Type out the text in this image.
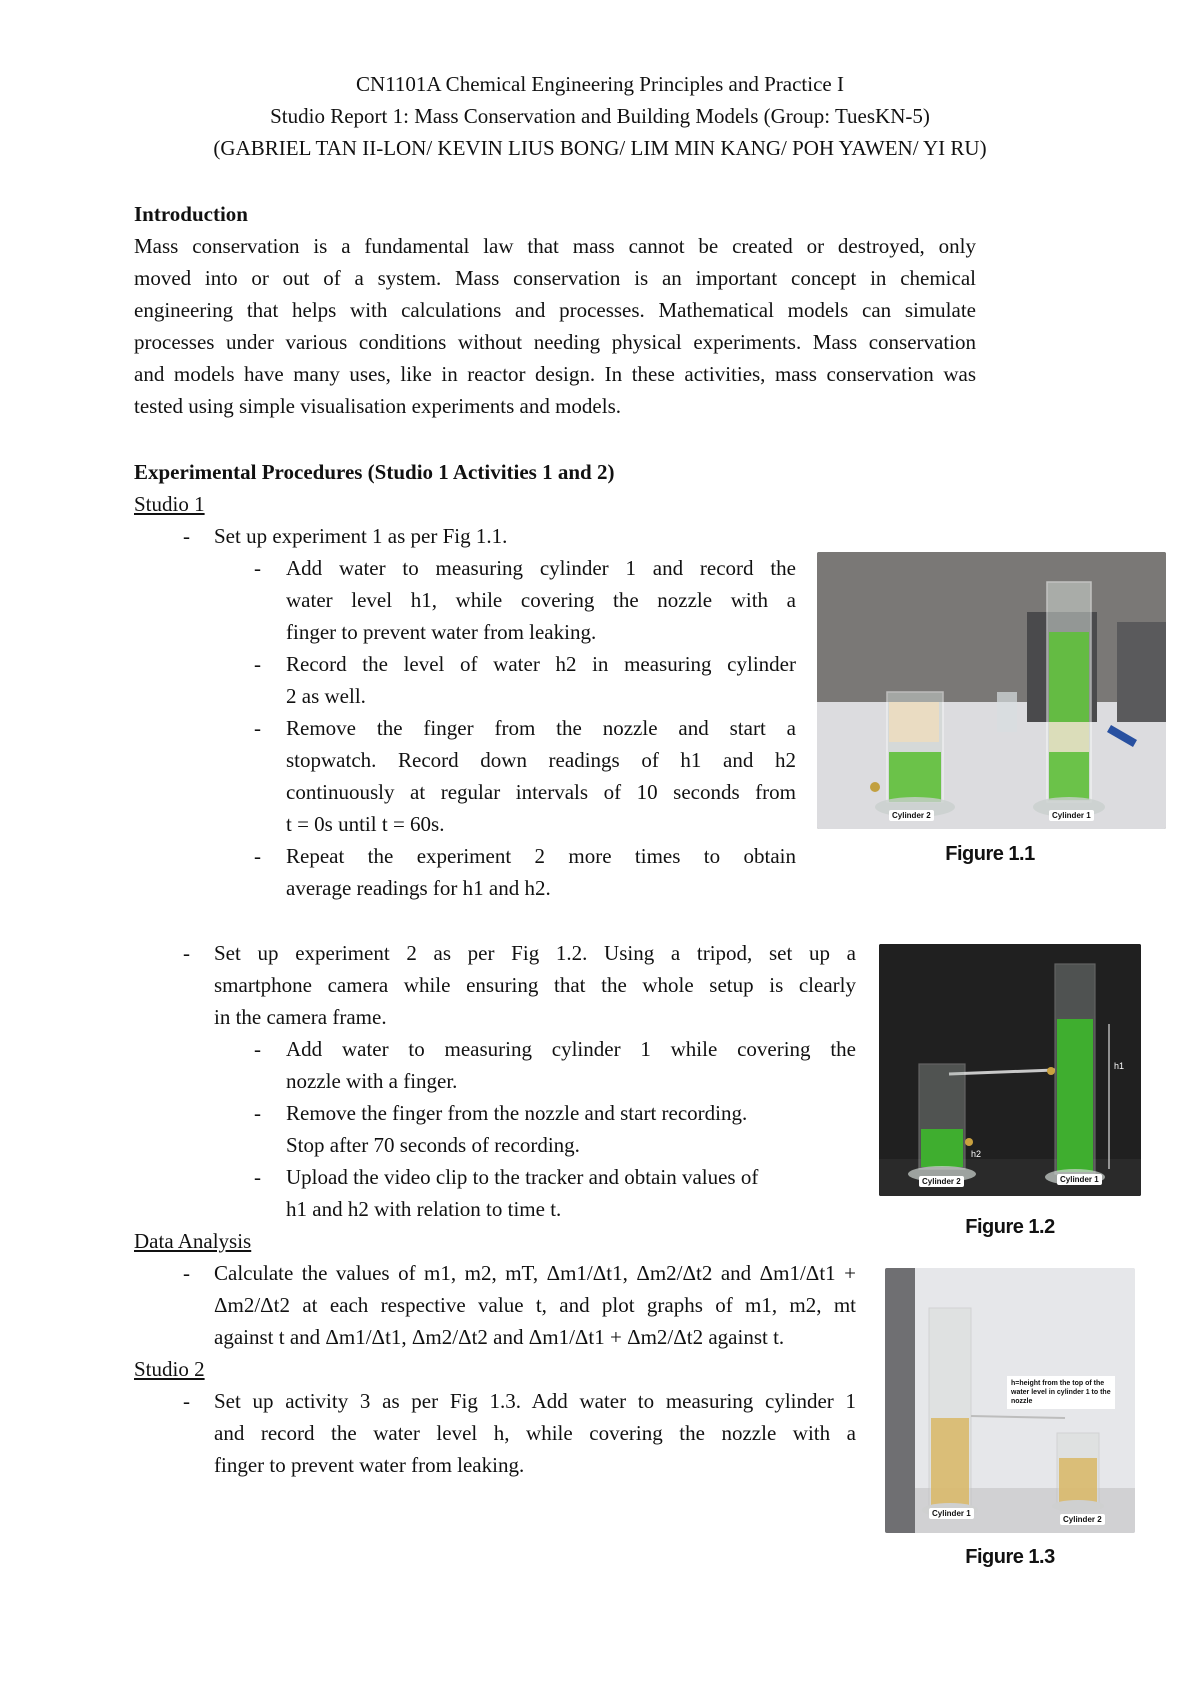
CN1101A Chemical Engineering Principles and Practice I
Studio Report 1: Mass Conservation and Building Models (Group: TuesKN-5)
(GABRIEL TAN II-LON/ KEVIN LIUS BONG/ LIM MIN KANG/ POH YAWEN/ YI RU)
Introduction
Mass conservation is a fundamental law that mass cannot be created or destroyed, only
moved into or out of a system. Mass conservation is an important concept in chemical
engineering that helps with calculations and processes. Mathematical models can simulate
processes under various conditions without needing physical experiments. Mass conservation
and models have many uses, like in reactor design. In these activities, mass conservation was
tested using simple visualisation experiments and models.
Experimental Procedures (Studio 1 Activities 1 and 2)
Studio 1
- Set up experiment 1 as per Fig 1.1.
- Add water to measuring cylinder 1 and record the
water level h1, while covering the nozzle with a
finger to prevent water from leaking.
- Record the level of water h2 in measuring cylinder
2 as well.
- Remove the finger from the nozzle and start a
stopwatch. Record down readings of h1 and h2
continuously at regular intervals of 10 seconds from
t = 0s until t = 60s.
- Repeat the experiment 2 more times to obtain
average readings for h1 and h2.
- Set up experiment 2 as per Fig 1.2. Using a tripod, set up a
smartphone camera while ensuring that the whole setup is clearly
in the camera frame.
- Add water to measuring cylinder 1 while covering the
nozzle with a finger.
- Remove the finger from the nozzle and start recording.
Stop after 70 seconds of recording.
- Upload the video clip to the tracker and obtain values of
h1 and h2 with relation to time t.
Data Analysis
- Calculate the values of m1, m2, mT, Δm1/Δt1, Δm2/Δt2 and Δm1/Δt1 +
Δm2/Δt2 at each respective value t, and plot graphs of m1, m2, mt
against t and Δm1/Δt1, Δm2/Δt2 and Δm1/Δt1 + Δm2/Δt2 against t.
Studio 2
- Set up activity 3 as per Fig 1.3. Add water to measuring cylinder 1
and record the water level h, while covering the nozzle with a
finger to prevent water from leaking.
Cylinder 2	Cylinder 1
Figure 1.1
h1
h2
Cylinder 2	Cylinder 1
Figure 1.2
h=height from the top of the water level in cylinder 1 to the nozzle
Cylinder 1
Cylinder 2
Figure 1.3
